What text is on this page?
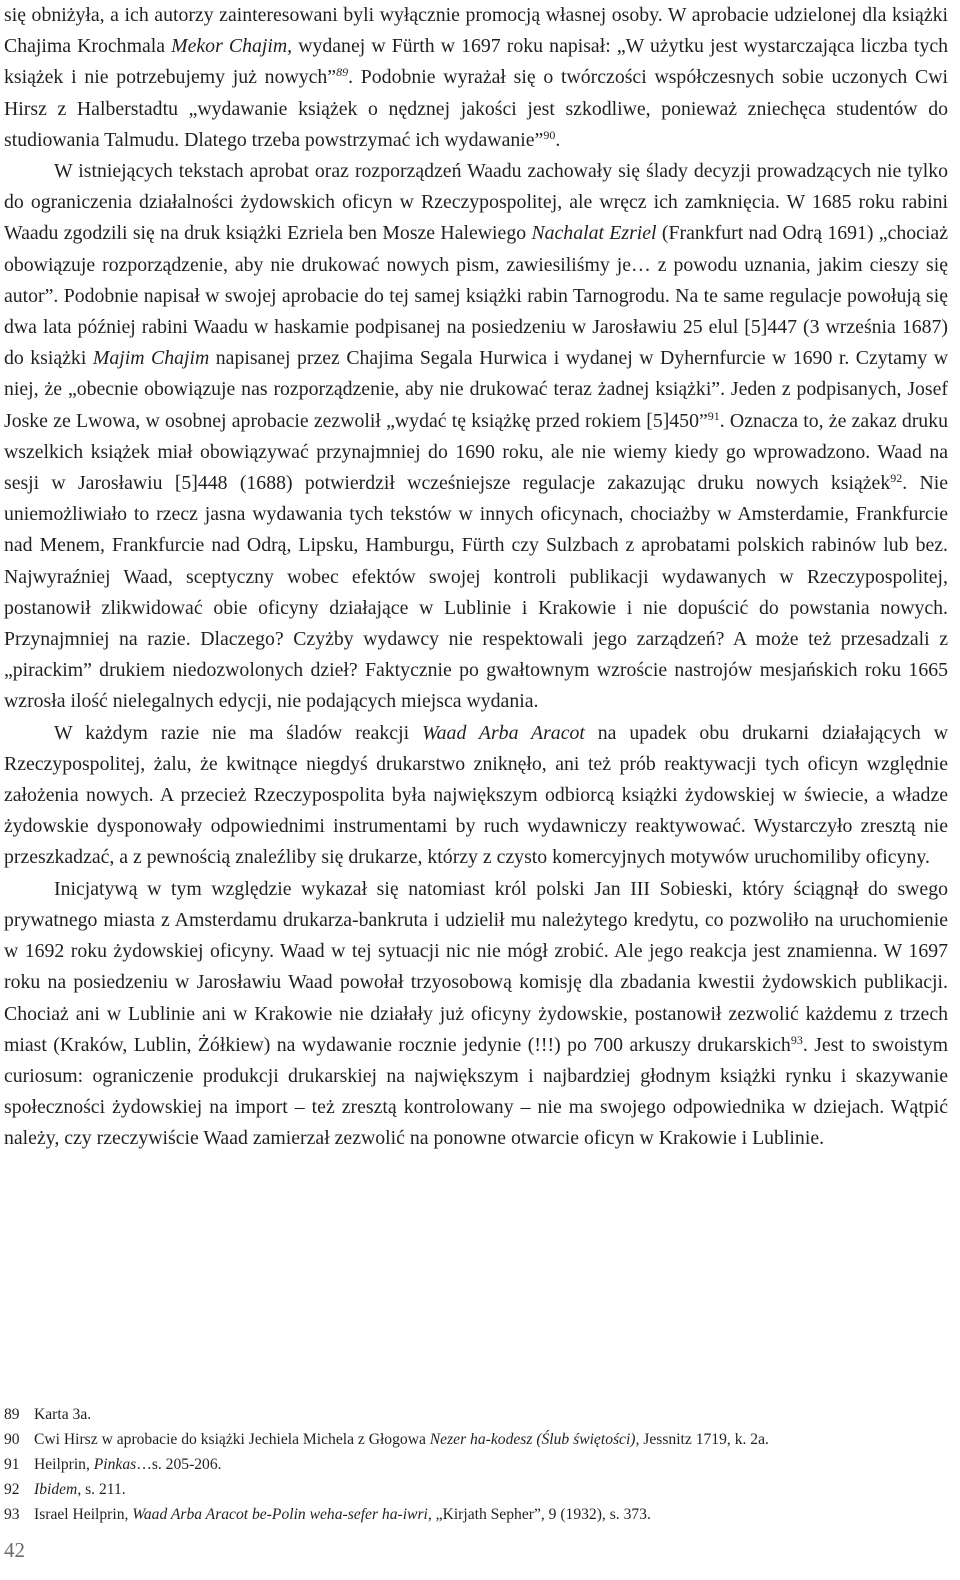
się obniżyła, a ich autorzy zainteresowani byli wyłącznie promocją własnej osoby. W aprobacie udzielonej dla książki Chajima Krochmala Mekor Chajim, wydanej w Fürth w 1697 roku napisał: „W użytku jest wystarczająca liczba tych książek i nie potrzebujemy już nowych”$^{89}$. Podobnie wyrażał się o twórczości współczesnych sobie uczonych Cwi Hirsz z Halberstadtu „wydawanie książek o nędznej jakości jest szkodliwe, ponieważ zniechęca studentów do studiowania Talmudu. Dlatego trzeba powstrzymać ich wydawanie”$^{90}$.

W istniejących tekstach aprobat oraz rozporządzeń Waadu zachowały się ślady decyzji prowadzących nie tylko do ograniczenia działalności żydowskich oficyn w Rzeczypospolitej, ale wręcz ich zamknięcia. W 1685 roku rabini Waadu zgodzili się na druk książki Ezriela ben Mosze Halewiego Nachalat Ezriel (Frankfurt nad Odrą 1691) „chociaż obowiązuje rozporządzenie, aby nie drukować nowych pism, zawiesiliśmy je… z powodu uznania, jakim cieszy się autor”. Podobnie napisał w swojej aprobacie do tej samej książki rabin Tarnogrodu. Na te same regulacje powołują się dwa lata później rabini Waadu w haskamie podpisanej na posiedzeniu w Jarosławiu 25 elul [5]447 (3 września 1687) do książki Majim Chajim napisanej przez Chajima Segala Hurwica i wydanej w Dyhernfurcie w 1690 r. Czytamy w niej, że „obecnie obowiązuje nas rozporządzenie, aby nie drukować teraz żadnej książki”. Jeden z podpisanych, Josef Joske ze Lwowa, w osobnej aprobacie zezwolił „wydać tę książkę przed rokiem [5]450”$^{91}$. Oznacza to, że zakaz druku wszelkich książek miał obowiązywać przynajmniej do 1690 roku, ale nie wiemy kiedy go wprowadzono. Waad na sesji w Jarosławiu [5]448 (1688) potwierdził wcześniejsze regulacje zakazując druku nowych książek$^{92}$. Nie uniemożliwiało to rzecz jasna wydawania tych tekstów w innych oficynach, chociażby w Amsterdamie, Frankfurcie nad Menem, Frankfurcie nad Odrą, Lipsku, Hamburgu, Fürth czy Sulzbach z aprobatami polskich rabinów lub bez. Najwyraźniej Waad, sceptyczny wobec efektów swojej kontroli publikacji wydawanych w Rzeczypospolitej, postanowił zlikwidować obie oficyny działające w Lublinie i Krakowie i nie dopuścić do powstania nowych. Przynajmniej na razie. Dlaczego? Czyżby wydawcy nie respektowali jego zarządzeń? A może też przesadzali z „pirackim” drukiem niedozwolonych dzieł? Faktycznie po gwałtownym wzroście nastrojów mesjańskich roku 1665 wzrosła ilość nielegalnych edycji, nie podających miejsca wydania.

W każdym razie nie ma śladów reakcji Waad Arba Aracot na upadek obu drukarni działających w Rzeczypospolitej, żalu, że kwitnące niegdyś drukarstwo zniknęło, ani też prób reaktywacji tych oficyn względnie założenia nowych. A przecież Rzeczypospolita była największym odbiorcą książki żydowskiej w świecie, a władze żydowskie dysponowały odpowiednimi instrumentami by ruch wydawniczy reaktywować. Wystarczyło zresztą nie przeszkadzać, a z pewnością znaleźliby się drukarze, którzy z czysto komercyjnych motywów uruchomiliby oficyny.

Inicjatywą w tym względzie wykazał się natomiast król polski Jan III Sobieski, który ściągnął do swego prywatnego miasta z Amsterdamu drukarza-bankruta i udzielił mu należytego kredytu, co pozwoliło na uruchomienie w 1692 roku żydowskiej oficyny. Waad w tej sytuacji nic nie mógł zrobić. Ale jego reakcja jest znamienna. W 1697 roku na posiedzeniu w Jarosławiu Waad powołał trzyosobową komisję dla zbadania kwestii żydowskich publikacji. Chociaż ani w Lublinie ani w Krakowie nie działały już oficyny żydowskie, postanowił zezwolić każdemu z trzech miast (Kraków, Lublin, Żółkiew) na wydawanie rocznie jedynie (!!!) po 700 arkuszy drukarskich$^{93}$. Jest to swoistym curiosum: ograniczenie produkcji drukarskiej na największym i najbardziej głodnym książki rynku i skazywanie społeczności żydowskiej na import – też zresztą kontrolowany – nie ma swojego odpowiednika w dziejach. Wątpić należy, czy rzeczywiście Waad zamierzał zezwolić na ponowne otwarcie oficyn w Krakowie i Lublinie.

89 Karta 3a.
90 Cwi Hirsz w aprobacie do książki Jechiela Michela z Głogowa Nezer ha-kodesz (Ślub świętości), Jessnitz 1719, k. 2a.
91 Heilprin, Pinkas…s. 205-206.
92 Ibidem, s. 211.
93 Israel Heilprin, Waad Arba Aracot be-Polin weha-sefer ha-iwri, „Kirjath Sepher”, 9 (1932), s. 373.
42
